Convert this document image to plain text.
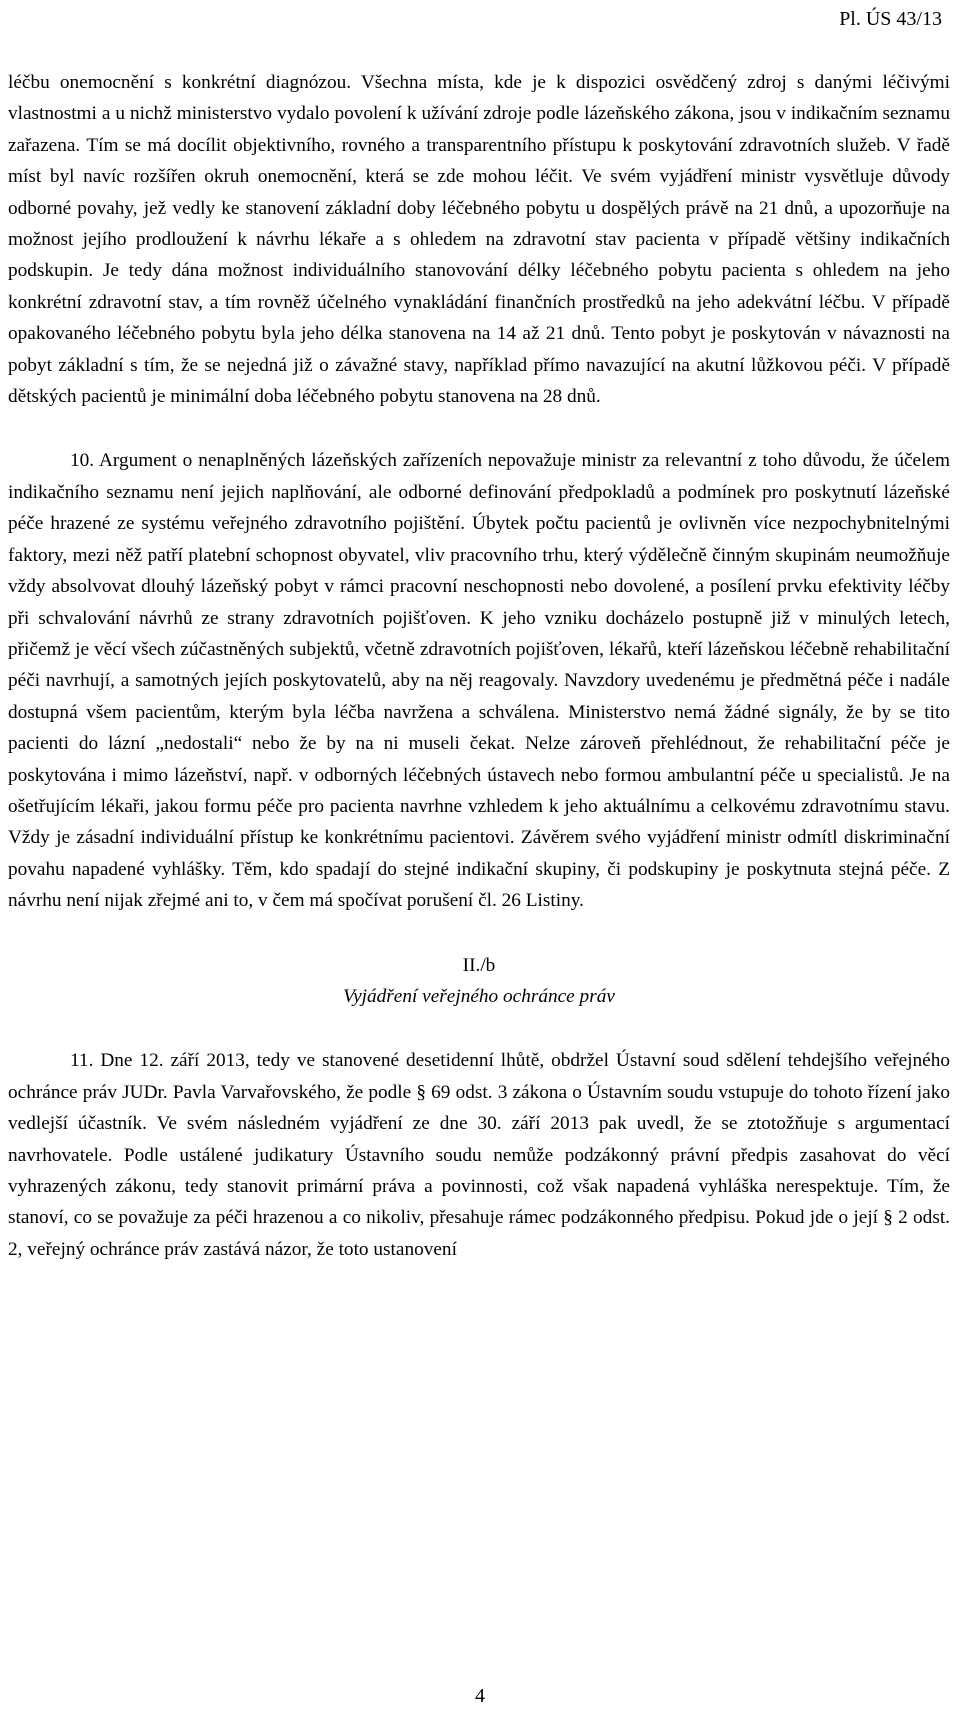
Pl. ÚS 43/13

léčbu onemocnění s konkrétní diagnózou. Všechna místa, kde je k dispozici osvědčený zdroj s danými léčivými vlastnostmi a u nichž ministerstvo vydalo povolení k užívání zdroje podle lázeňského zákona, jsou v indikačním seznamu zařazena. Tím se má docílit objektivního, rovného a transparentního přístupu k poskytování zdravotních služeb. V řadě míst byl navíc rozšířen okruh onemocnění, která se zde mohou léčit. Ve svém vyjádření ministr vysvětluje důvody odborné povahy, jež vedly ke stanovení základní doby léčebného pobytu u dospělých právě na 21 dnů, a upozorňuje na možnost jejího prodloužení k návrhu lékaře a s ohledem na zdravotní stav pacienta v případě většiny indikačních podskupin. Je tedy dána možnost individuálního stanovování délky léčebného pobytu pacienta s ohledem na jeho konkrétní zdravotní stav, a tím rovněž účelného vynakládání finančních prostředků na jeho adekvátní léčbu. V případě opakovaného léčebného pobytu byla jeho délka stanovena na 14 až 21 dnů. Tento pobyt je poskytován v návaznosti na pobyt základní s tím, že se nejedná již o závažné stavy, například přímo navazující na akutní lůžkovou péči. V případě dětských pacientů je minimální doba léčebného pobytu stanovena na 28 dnů.

10. Argument o nenaplněných lázeňských zařízeních nepovažuje ministr za relevantní z toho důvodu, že účelem indikačního seznamu není jejich naplňování, ale odborné definování předpokladů a podmínek pro poskytnutí lázeňské péče hrazené ze systému veřejného zdravotního pojištění. Úbytek počtu pacientů je ovlivněn více nezpochybnitelnými faktory, mezi něž patří platební schopnost obyvatel, vliv pracovního trhu, který výdělečně činným skupinám neumožňuje vždy absolvovat dlouhý lázeňský pobyt v rámci pracovní neschopnosti nebo dovolené, a posílení prvku efektivity léčby při schvalování návrhů ze strany zdravotních pojišťoven. K jeho vzniku docházelo postupně již v minulých letech, přičemž je věcí všech zúčastněných subjektů, včetně zdravotních pojišťoven, lékařů, kteří lázeňskou léčebně rehabilitační péči navrhují, a samotných jejích poskytovatelů, aby na něj reagovaly. Navzdory uvedenému je předmětná péče i nadále dostupná všem pacientům, kterým byla léčba navržena a schválena. Ministerstvo nemá žádné signály, že by se tito pacienti do lázní „nedostali“ nebo že by na ni museli čekat. Nelze zároveň přehlédnout, že rehabilitační péče je poskytována i mimo lázeňství, např. v odborných léčebných ústavech nebo formou ambulantní péče u specialistů. Je na ošetřujícím lékaři, jakou formu péče pro pacienta navrhne vzhledem k jeho aktuálnímu a celkovému zdravotnímu stavu. Vždy je zásadní individuální přístup ke konkrétnímu pacientovi. Závěrem svého vyjádření ministr odmítl diskriminační povahu napadené vyhlášky. Těm, kdo spadají do stejné indikační skupiny, či podskupiny je poskytnuta stejná péče. Z návrhu není nijak zřejmé ani to, v čem má spočívat porušení čl. 26 Listiny.

II./b

Vyjádření veřejného ochránce práv

11. Dne 12. září 2013, tedy ve stanovené desetidenní lhůtě, obdržel Ústavní soud sdělení tehdejšího veřejného ochránce práv JUDr. Pavla Varvařovského, že podle § 69 odst. 3 zákona o Ústavním soudu vstupuje do tohoto řízení jako vedlejší účastník. Ve svém následném vyjádření ze dne 30. září 2013 pak uvedl, že se ztotožňuje s argumentací navrhovatele. Podle ustálené judikatury Ústavního soudu nemůže podzákonný právní předpis zasahovat do věcí vyhrazených zákonu, tedy stanovit primární práva a povinnosti, což však napadená vyhláška nerespektuje. Tím, že stanoví, co se považuje za péči hrazenou a co nikoliv, přesahuje rámec podzákonného předpisu. Pokud jde o její § 2 odst. 2, veřejný ochránce práv zastává názor, že toto ustanovení

4
